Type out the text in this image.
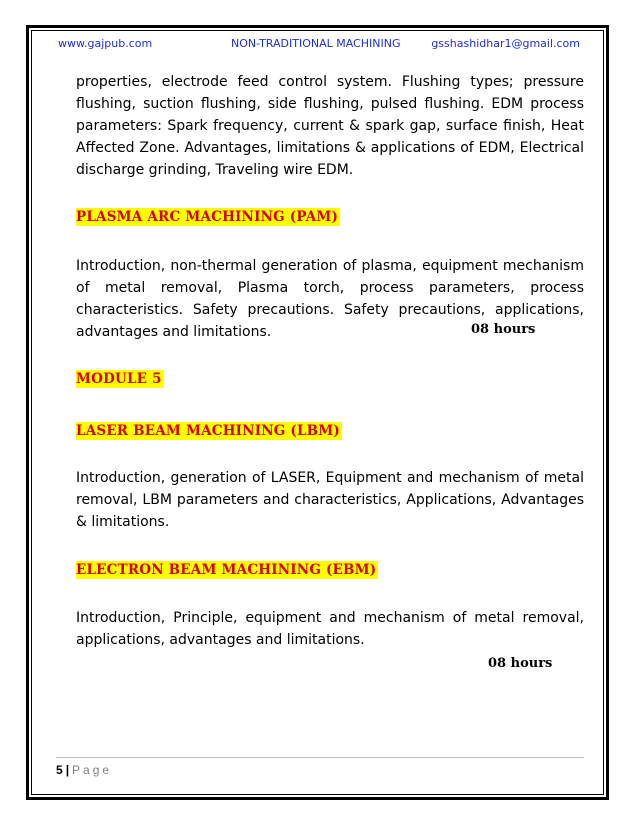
www.gajpub.com	NON-TRADITIONAL MACHINING	gsshashidhar1@gmail.com

properties, electrode feed control system. Flushing types; pressure flushing, suction flushing, side flushing, pulsed flushing. EDM process parameters: Spark frequency, current & spark gap, surface finish, Heat Affected Zone. Advantages, limitations & applications of EDM, Electrical discharge grinding, Traveling wire EDM.

PLASMA ARC MACHINING (PAM)

Introduction, non-thermal generation of plasma, equipment mechanism of metal removal, Plasma torch, process parameters, process characteristics. Safety precautions. Safety precautions, applications, advantages and limitations.	08 hours
MODULE 5
LASER BEAM MACHINING (LBM)

Introduction, generation of LASER, Equipment and mechanism of metal removal, LBM parameters and characteristics, Applications, Advantages & limitations.

ELECTRON BEAM MACHINING (EBM)

Introduction, Principle, equipment and mechanism of metal removal, applications, advantages and limitations.

08 hours
5 | Page
